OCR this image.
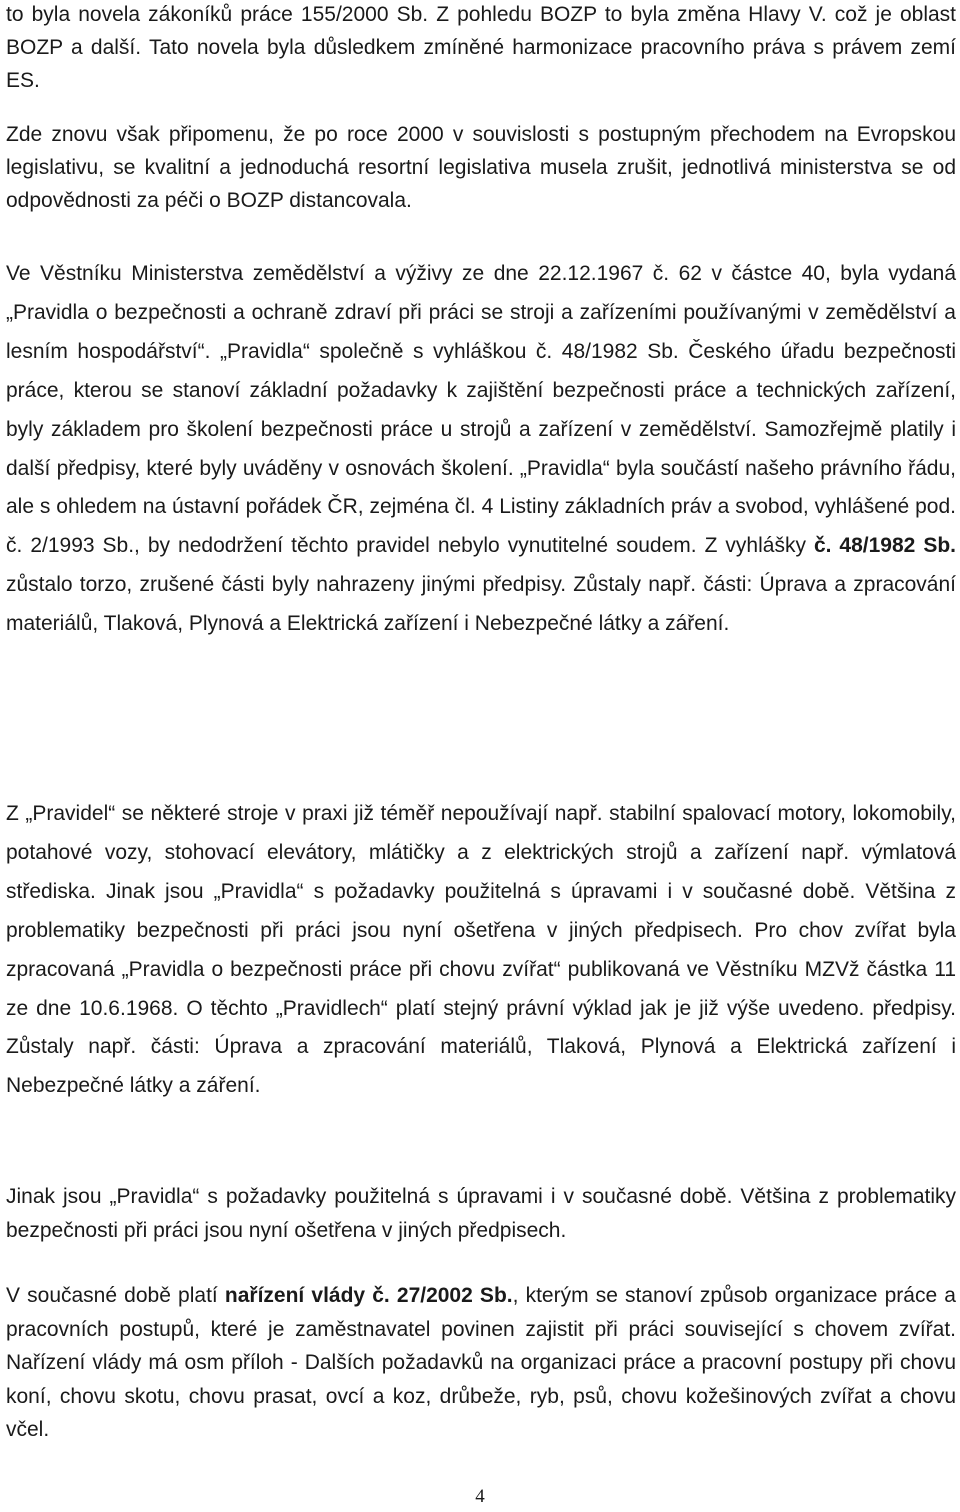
to byla novela zákoníků práce 155/2000 Sb. Z pohledu BOZP to byla změna Hlavy V. což je oblast BOZP a další. Tato novela byla důsledkem zmíněné harmonizace pracovního práva s právem zemí ES.

Zde znovu však připomenu, že po roce 2000 v souvislosti s postupným přechodem na Evropskou legislativu, se kvalitní a jednoduchá resortní legislativa musela zrušit, jednotlivá ministerstva se od odpovědnosti za péči o BOZP distancovala.

Ve Věstníku Ministerstva zemědělství a výživy ze dne 22.12.1967 č. 62 v částce 40, byla vydaná „Pravidla o bezpečnosti a ochraně zdraví při práci se stroji a zařízeními používanými v zemědělství a lesním hospodářství“. „Pravidla“ společně s vyhláškou č. 48/1982 Sb. Českého úřadu bezpečnosti práce, kterou se stanoví základní požadavky k zajištění bezpečnosti práce a technických zařízení, byly základem pro školení bezpečnosti práce u strojů a zařízení v zemědělství. Samozřejmě platily i další předpisy, které byly uváděny v osnovách školení. „Pravidla“ byla součástí našeho právního řádu, ale s ohledem na ústavní pořádek ČR, zejména čl. 4 Listiny základních práv a svobod, vyhlášené pod. č. 2/1993 Sb., by nedodržení těchto pravidel nebylo vynutitelné soudem. Z vyhlášky č. 48/1982 Sb. zůstalo torzo, zrušené části byly nahrazeny jinými předpisy. Zůstaly např. části: Úprava a zpracování materiálů, Tlaková, Plynová a Elektrická zařízení i Nebezpečné látky a záření.

Z „Pravidel“ se některé stroje v praxi již téměř nepoužívají např. stabilní spalovací motory, lokomobily, potahové vozy, stohovací elevátory, mlátičky a z elektrických strojů a zařízení např. výmlatová střediska. Jinak jsou „Pravidla“ s požadavky použitelná s úpravami i v současné době. Většina z problematiky bezpečnosti při práci jsou nyní ošetřena v jiných předpisech. Pro chov zvířat byla zpracovaná „Pravidla o bezpečnosti práce při chovu zvířat“ publikovaná ve Věstníku MZVž částka 11 ze dne 10.6.1968. O těchto „Pravidlech“ platí stejný právní výklad jak je již výše uvedeno. předpisy. Zůstaly např. části: Úprava a zpracování materiálů, Tlaková, Plynová a Elektrická zařízení i Nebezpečné látky a záření.

Jinak jsou „Pravidla“ s požadavky použitelná s úpravami i v současné době. Většina z problematiky bezpečnosti při práci jsou nyní ošetřena v jiných předpisech.

V současné době platí nařízení vlády č. 27/2002 Sb., kterým se stanoví způsob organizace práce a pracovních postupů, které je zaměstnavatel povinen zajistit při práci související s chovem zvířat. Nařízení vlády má osm příloh - Dalších požadavků na organizaci práce a pracovní postupy při chovu koní, chovu skotu, chovu prasat, ovcí a koz, drůbeže, ryb, psů, chovu kožešinových zvířat a chovu včel.

4
